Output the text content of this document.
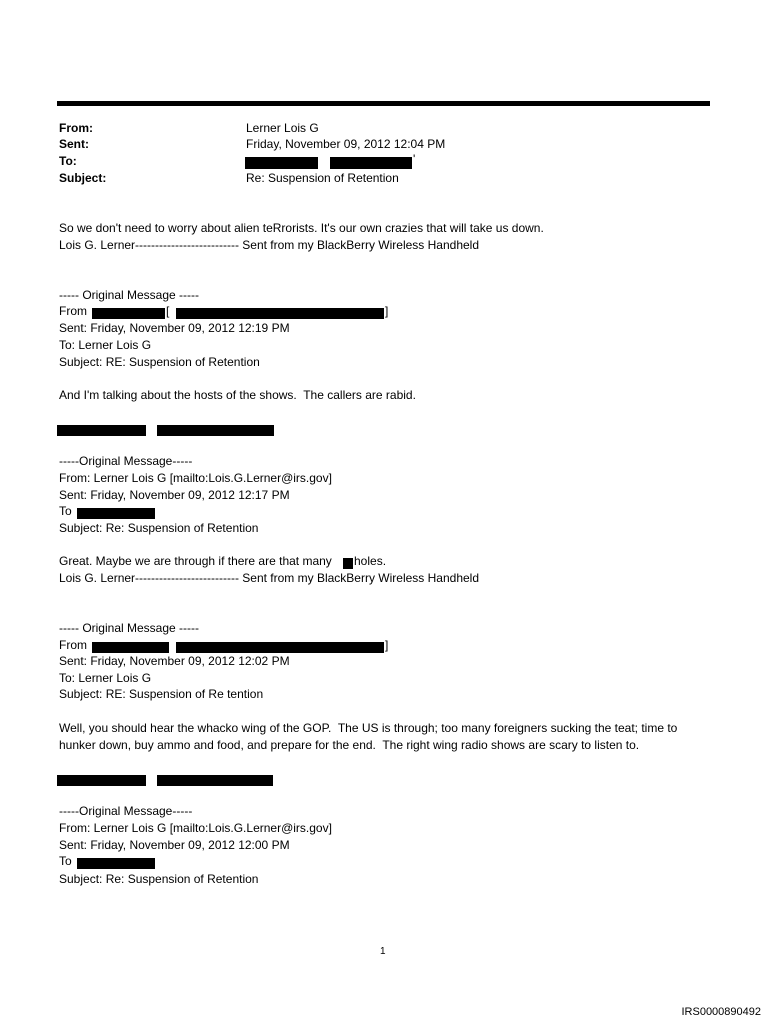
From:	Lerner Lois G
Sent:	Friday, November 09, 2012 12:04 PM
To:	'
Subject:	Re: Suspension of Retention
So we don't need to worry about alien teRrorists. It's our own crazies that will take us down.
Lois G. Lerner-------------------------- Sent from my BlackBerry Wireless Handheld
----- Original Message -----
From	[	]
Sent: Friday, November 09, 2012 12:19 PM
To: Lerner Lois G
Subject: RE: Suspension of Retention
And I'm talking about the hosts of the shows.  The callers are rabid.
-----Original Message-----
From: Lerner Lois G [mailto:Lois.G.Lerner@irs.gov]
Sent: Friday, November 09, 2012 12:17 PM
To
Subject: Re: Suspension of Retention
Great. Maybe we are through if there are that many holes.
Lois G. Lerner-------------------------- Sent from my BlackBerry Wireless Handheld
----- Original Message -----
From	]
Sent: Friday, November 09, 2012 12:02 PM
To: Lerner Lois G
Subject: RE: Suspension of Re tention
Well, you should hear the whacko wing of the GOP.  The US is through; too many foreigners sucking the teat; time to
hunker down, buy ammo and food, and prepare for the end.  The right wing radio shows are scary to listen to.
-----Original Message-----
From: Lerner Lois G [mailto:Lois.G.Lerner@irs.gov]
Sent: Friday, November 09, 2012 12:00 PM
To
Subject: Re: Suspension of Retention
1
IRS0000890492
